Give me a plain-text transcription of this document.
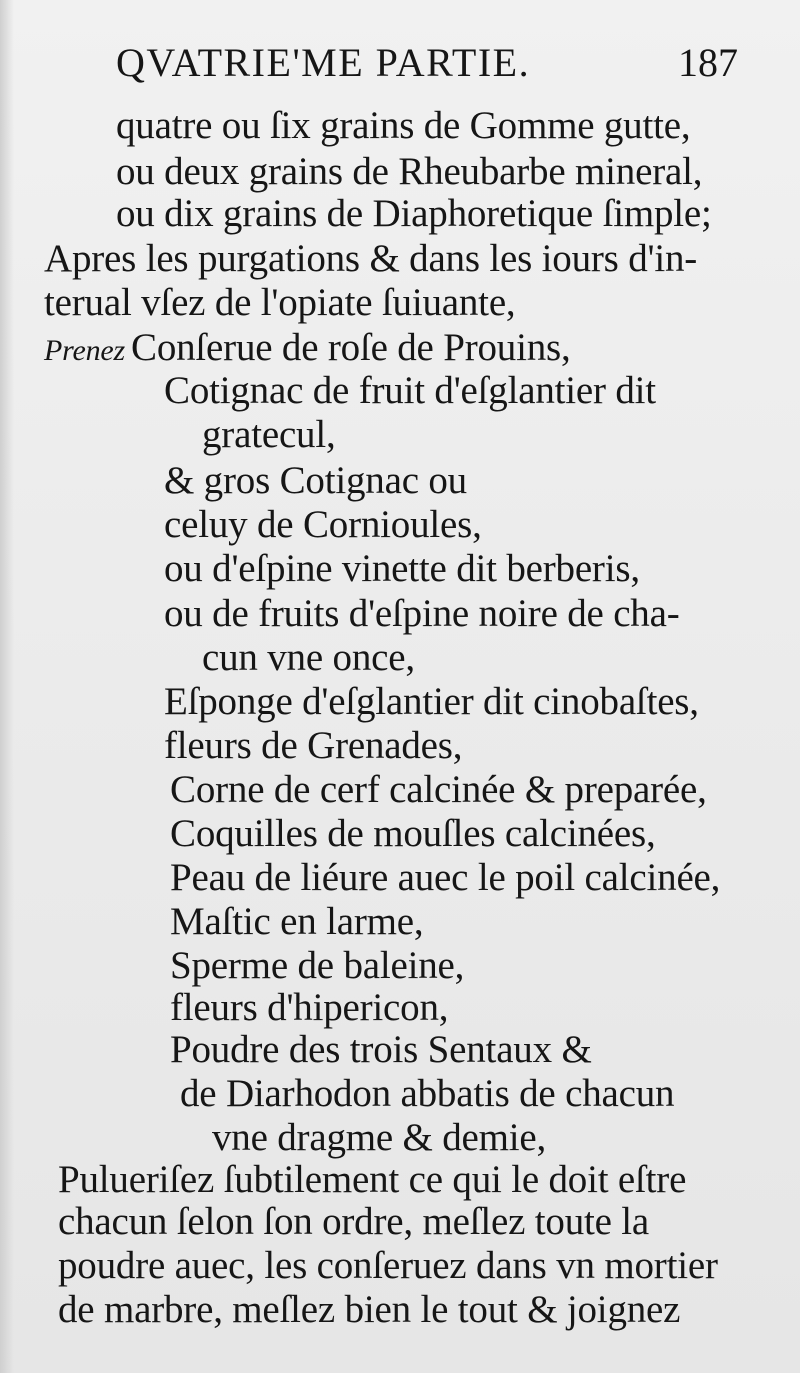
QVATRIE'ME PARTIE.	187
quatre ou ſix grains de Gomme gutte,
ou deux grains de Rheubarbe mineral,
ou dix grains de Diaphoretique ſimple;
Apres les purgations & dans les iours d'in-
terual vſez de l'opiate ſuiuante,
Prenez Conſerue de roſe de Prouins,
Cotignac de fruit d'eſglantier dit
gratecul,
& gros Cotignac ou
celuy de Cornioules,
ou d'eſpine vinette dit berberis,
ou de fruits d'eſpine noire de cha-
cun vne once,
Eſponge d'eſglantier dit cinobaſtes,
fleurs de Grenades,
Corne de cerf calcinée & preparée,
Coquilles de mouſles calcinées,
Peau de liéure auec le poil calcinée,
Maſtic en larme,
Sperme de baleine,
fleurs d'hipericon,
Poudre des trois Sentaux &
de Diarhodon abbatis de chacun
vne dragme & demie,
Pulueriſez ſubtilement ce qui le doit eſtre
chacun ſelon ſon ordre, meſlez toute la
poudre auec, les conſeruez dans vn mortier
de marbre, meſlez bien le tout & joignez
